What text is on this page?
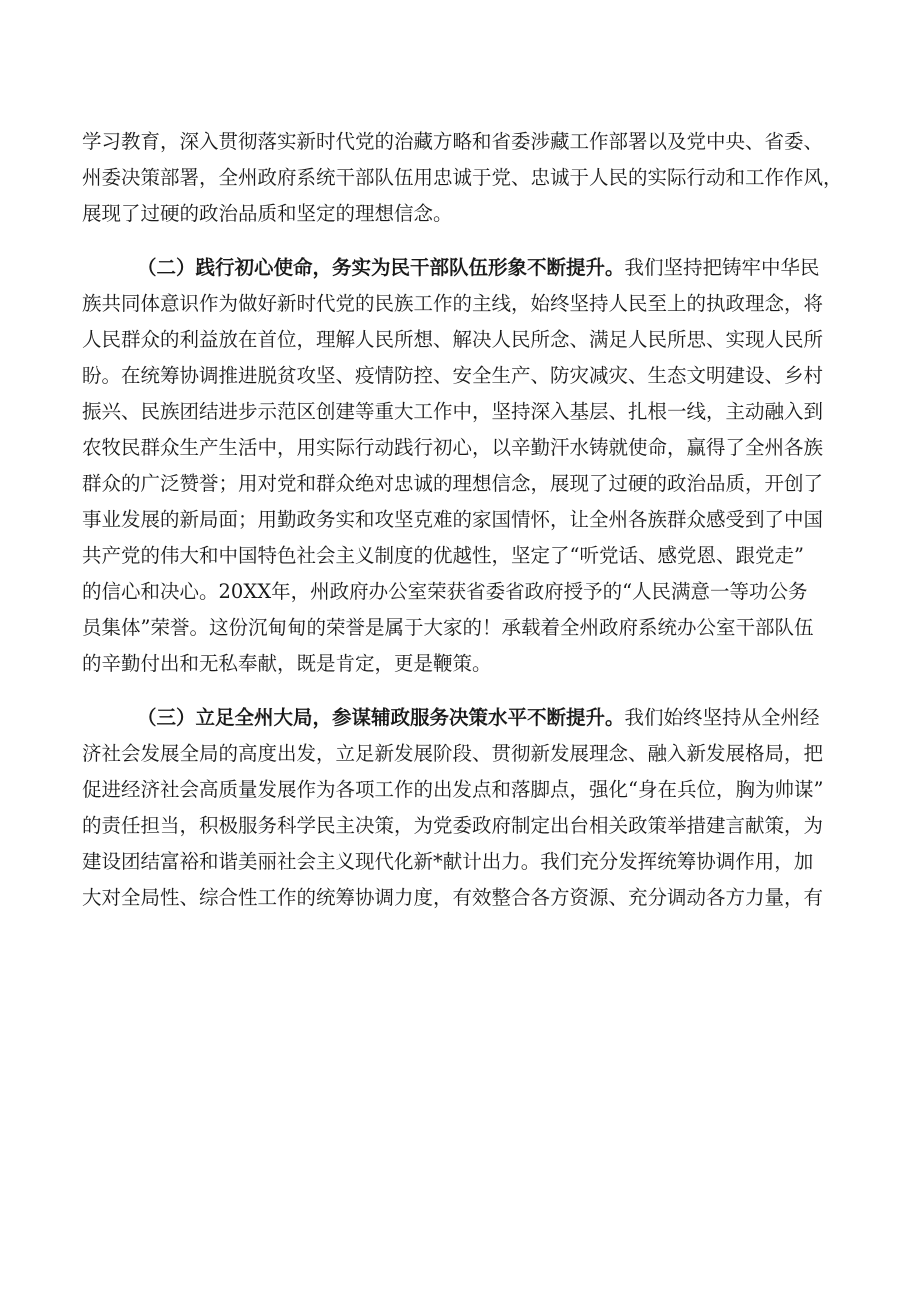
学习教育，深入贯彻落实新时代党的治藏方略和省委涉藏工作部署以及党中央、省委、
州委决策部署，全州政府系统干部队伍用忠诚于党、忠诚于人民的实际行动和工作作风，
展现了过硬的政治品质和坚定的理想信念。
（二）践行初心使命，务实为民干部队伍形象不断提升。我们坚持把铸牢中华民
族共同体意识作为做好新时代党的民族工作的主线，始终坚持人民至上的执政理念，将
人民群众的利益放在首位，理解人民所想、解决人民所念、满足人民所思、实现人民所
盼。在统筹协调推进脱贫攻坚、疫情防控、安全生产、防灾减灾、生态文明建设、乡村
振兴、民族团结进步示范区创建等重大工作中，坚持深入基层、扎根一线，主动融入到
农牧民群众生产生活中，用实际行动践行初心，以辛勤汗水铸就使命，赢得了全州各族
群众的广泛赞誉；用对党和群众绝对忠诚的理想信念，展现了过硬的政治品质，开创了
事业发展的新局面；用勤政务实和攻坚克难的家国情怀，让全州各族群众感受到了中国
共产党的伟大和中国特色社会主义制度的优越性，坚定了“听党话、感党恩、跟党走”
的信心和决心。20XX年，州政府办公室荣获省委省政府授予的“人民满意一等功公务
员集体”荣誉。这份沉甸甸的荣誉是属于大家的！承载着全州政府系统办公室干部队伍
的辛勤付出和无私奉献，既是肯定，更是鞭策。
（三）立足全州大局，参谋辅政服务决策水平不断提升。我们始终坚持从全州经
济社会发展全局的高度出发，立足新发展阶段、贯彻新发展理念、融入新发展格局，把
促进经济社会高质量发展作为各项工作的出发点和落脚点，强化“身在兵位，胸为帅谋”
的责任担当，积极服务科学民主决策，为党委政府制定出台相关政策举措建言献策，为
建设团结富裕和谐美丽社会主义现代化新*献计出力。我们充分发挥统筹协调作用，加
大对全局性、综合性工作的统筹协调力度，有效整合各方资源、充分调动各方力量，有
